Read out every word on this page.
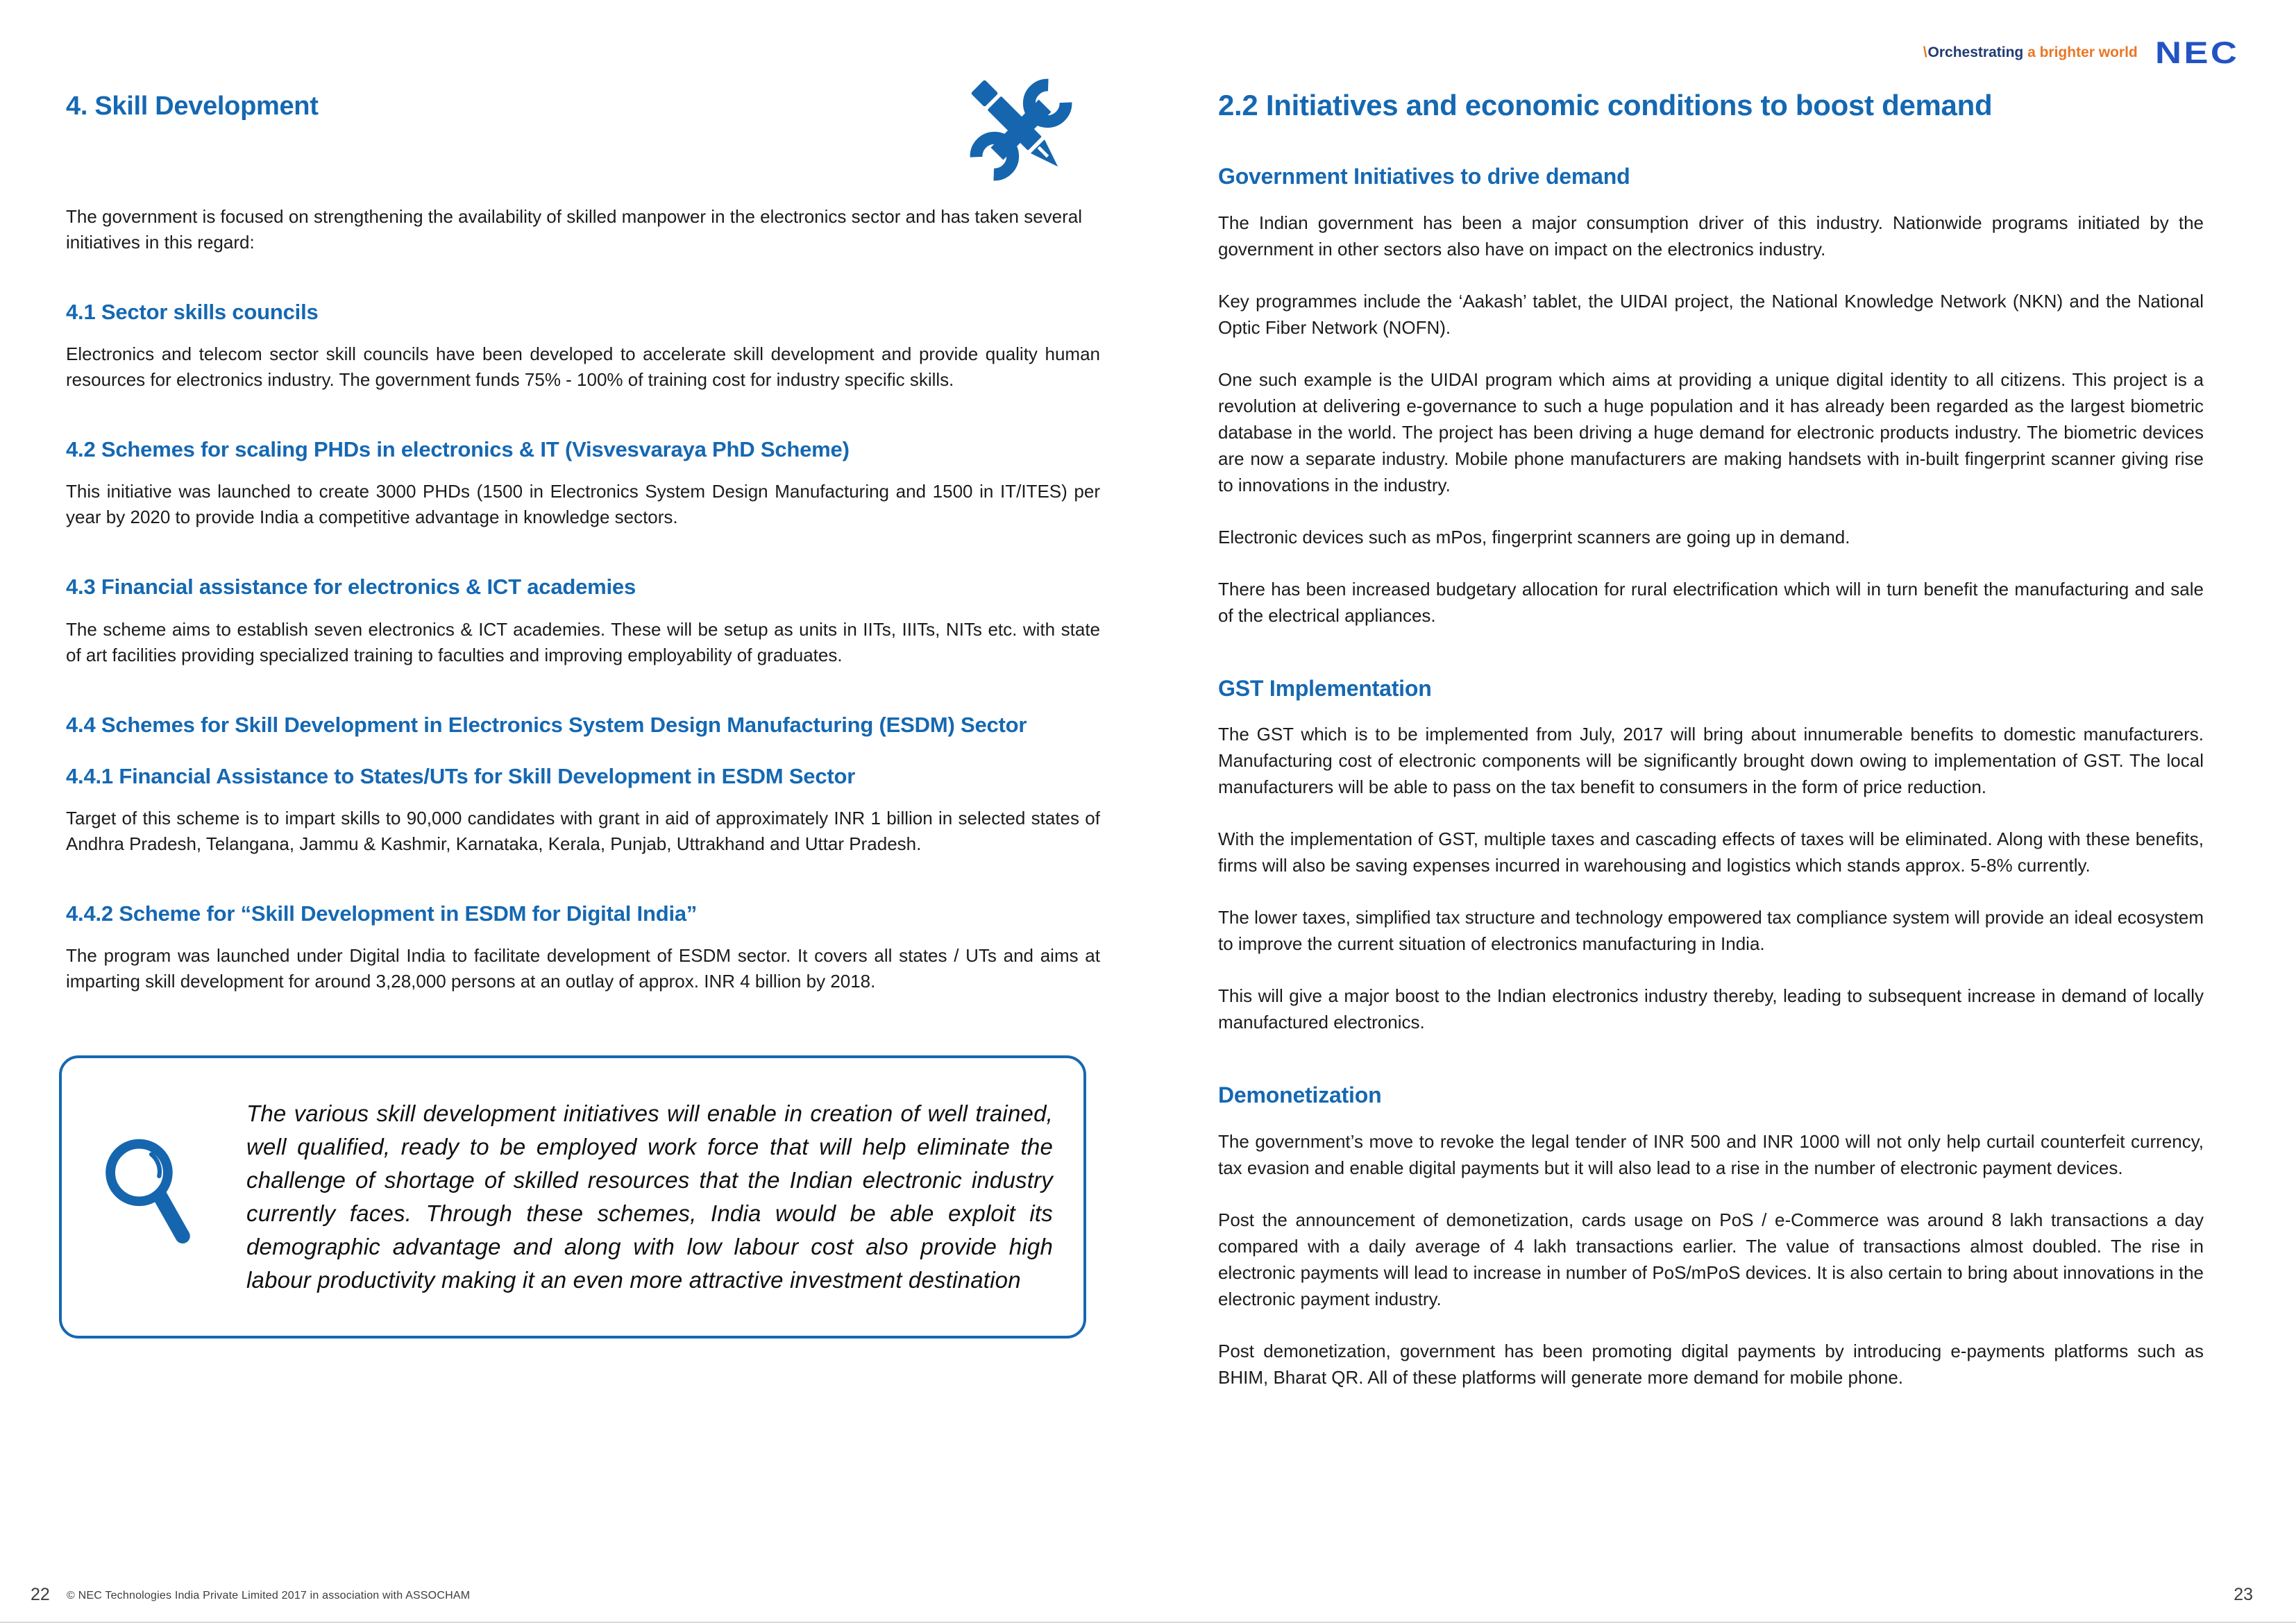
\Orchestrating a brighter world NEC
4. Skill Development

The government is focused on strengthening the availability of skilled manpower in the electronics sector and has taken several initiatives in this regard:

4.1 Sector skills councils

Electronics and telecom sector skill councils have been developed to accelerate skill development and provide quality human resources for electronics industry. The government funds 75% - 100% of training cost for industry specific skills.

4.2 Schemes for scaling PHDs in electronics & IT (Visvesvaraya PhD Scheme)

This initiative was launched to create 3000 PHDs (1500 in Electronics System Design Manufacturing and 1500 in IT/ITES) per year by 2020 to provide India a competitive advantage in knowledge sectors.

4.3 Financial assistance for electronics & ICT academies

The scheme aims to establish seven electronics & ICT academies. These will be setup as units in IITs, IIITs, NITs etc. with state of art facilities providing specialized training to faculties and improving employability of graduates.

4.4 Schemes for Skill Development in Electronics System Design Manufacturing (ESDM) Sector
4.4.1 Financial Assistance to States/UTs for Skill Development in ESDM Sector

Target of this scheme is to impart skills to 90,000 candidates with grant in aid of approximately INR 1 billion in selected states of Andhra Pradesh, Telangana, Jammu & Kashmir, Karnataka, Kerala, Punjab, Uttrakhand and Uttar Pradesh.

4.4.2 Scheme for “Skill Development in ESDM for Digital India”

The program was launched under Digital India to facilitate development of ESDM sector. It covers all states / UTs and aims at imparting skill development for around 3,28,000 persons at an outlay of approx. INR 4 billion by 2018.

The various skill development initiatives will enable in creation of well trained, well qualified, ready to be employed work force that will help eliminate the challenge of shortage of skilled resources that the Indian electronic industry currently faces. Through these schemes, India would be able exploit its demographic advantage and along with low labour cost also provide high labour productivity making it an even more attractive investment destination
2.2 Initiatives and economic conditions to boost demand
Government Initiatives to drive demand

The Indian government has been a major consumption driver of this industry. Nationwide programs initiated by the government in other sectors also have on impact on the electronics industry.

Key programmes include the ‘Aakash’ tablet, the UIDAI project, the National Knowledge Network (NKN) and the National Optic Fiber Network (NOFN).

One such example is the UIDAI program which aims at providing a unique digital identity to all citizens. This project is a revolution at delivering e-governance to such a huge population and it has already been regarded as the largest biometric database in the world. The project has been driving a huge demand for electronic products industry. The biometric devices are now a separate industry. Mobile phone manufacturers are making handsets with in-built fingerprint scanner giving rise to innovations in the industry.

Electronic devices such as mPos, fingerprint scanners are going up in demand.

There has been increased budgetary allocation for rural electrification which will in turn benefit the manufacturing and sale of the electrical appliances.

GST Implementation

The GST which is to be implemented from July, 2017 will bring about innumerable benefits to domestic manufacturers. Manufacturing cost of electronic components will be significantly brought down owing to implementation of GST. The local manufacturers will be able to pass on the tax benefit to consumers in the form of price reduction.

With the implementation of GST, multiple taxes and cascading effects of taxes will be eliminated. Along with these benefits, firms will also be saving expenses incurred in warehousing and logistics which stands approx. 5-8% currently.

The lower taxes, simplified tax structure and technology empowered tax compliance system will provide an ideal ecosystem to improve the current situation of electronics manufacturing in India.

This will give a major boost to the Indian electronics industry thereby, leading to subsequent increase in demand of locally manufactured electronics.

Demonetization

The government’s move to revoke the legal tender of INR 500 and INR 1000 will not only help curtail counterfeit currency, tax evasion and enable digital payments but it will also lead to a rise in the number of electronic payment devices.

Post the announcement of demonetization, cards usage on PoS / e-Commerce was around 8 lakh transactions a day compared with a daily average of 4 lakh transactions earlier. The value of transactions almost doubled. The rise in electronic payments will lead to increase in number of PoS/mPoS devices. It is also certain to bring about innovations in the electronic payment industry.

Post demonetization, government has been promoting digital payments by introducing e-payments platforms such as BHIM, Bharat QR. All of these platforms will generate more demand for mobile phone.

22 © NEC Technologies India Private Limited 2017 in association with ASSOCHAM	23
